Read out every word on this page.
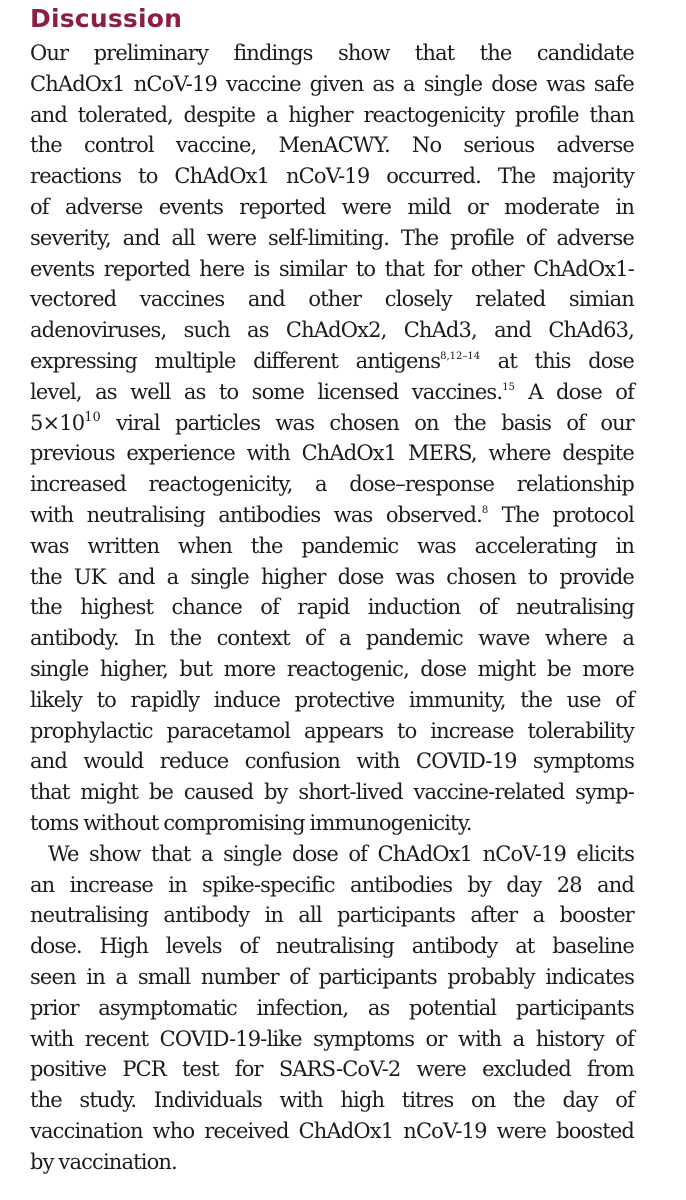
Discussion

Our preliminary findings show that the candidate
ChAdOx1 nCoV-19 vaccine given as a single dose was safe
and tolerated, despite a higher reactogenicity profile than
the control vaccine, MenACWY. No serious adverse
reactions to ChAdOx1 nCoV-19 occurred. The majority
of adverse events reported were mild or moderate in
severity, and all were self-limiting. The profile of adverse
events reported here is similar to that for other ChAdOx1-
vectored vaccines and other closely related simian
adenoviruses, such as ChAdOx2, ChAd3, and ChAd63,
expressing multiple different antigens$^{8,12-14}$ at this dose
level, as well as to some licensed vaccines.$^{15}$ A dose of
$5\times 10^{10}$ viral particles was chosen on the basis of our
previous experience with ChAdOx1 MERS, where despite
increased reactogenicity, a dose–response relationship
with neutralising antibodies was observed.$^8$ The protocol
was written when the pandemic was accelerating in
the UK and a single higher dose was chosen to provide
the highest chance of rapid induction of neutralising
antibody. In the context of a pandemic wave where a
single higher, but more reactogenic, dose might be more
likely to rapidly induce protective immunity, the use of
prophylactic paracetamol appears to increase tolerability
and would reduce confusion with COVID-19 symptoms
that might be caused by short-lived vaccine-related symp-
toms without compromising immunogenicity.

We show that a single dose of ChAdOx1 nCoV-19 elicits
an increase in spike-specific antibodies by day 28 and
neutralising antibody in all participants after a booster
dose. High levels of neutralising antibody at baseline
seen in a small number of participants probably indicates
prior asymptomatic infection, as potential participants
with recent COVID-19-like symptoms or with a history of
positive PCR test for SARS-CoV-2 were excluded from
the study. Individuals with high titres on the day of
vaccination who received ChAdOx1 nCoV-19 were boosted
by vaccination.
